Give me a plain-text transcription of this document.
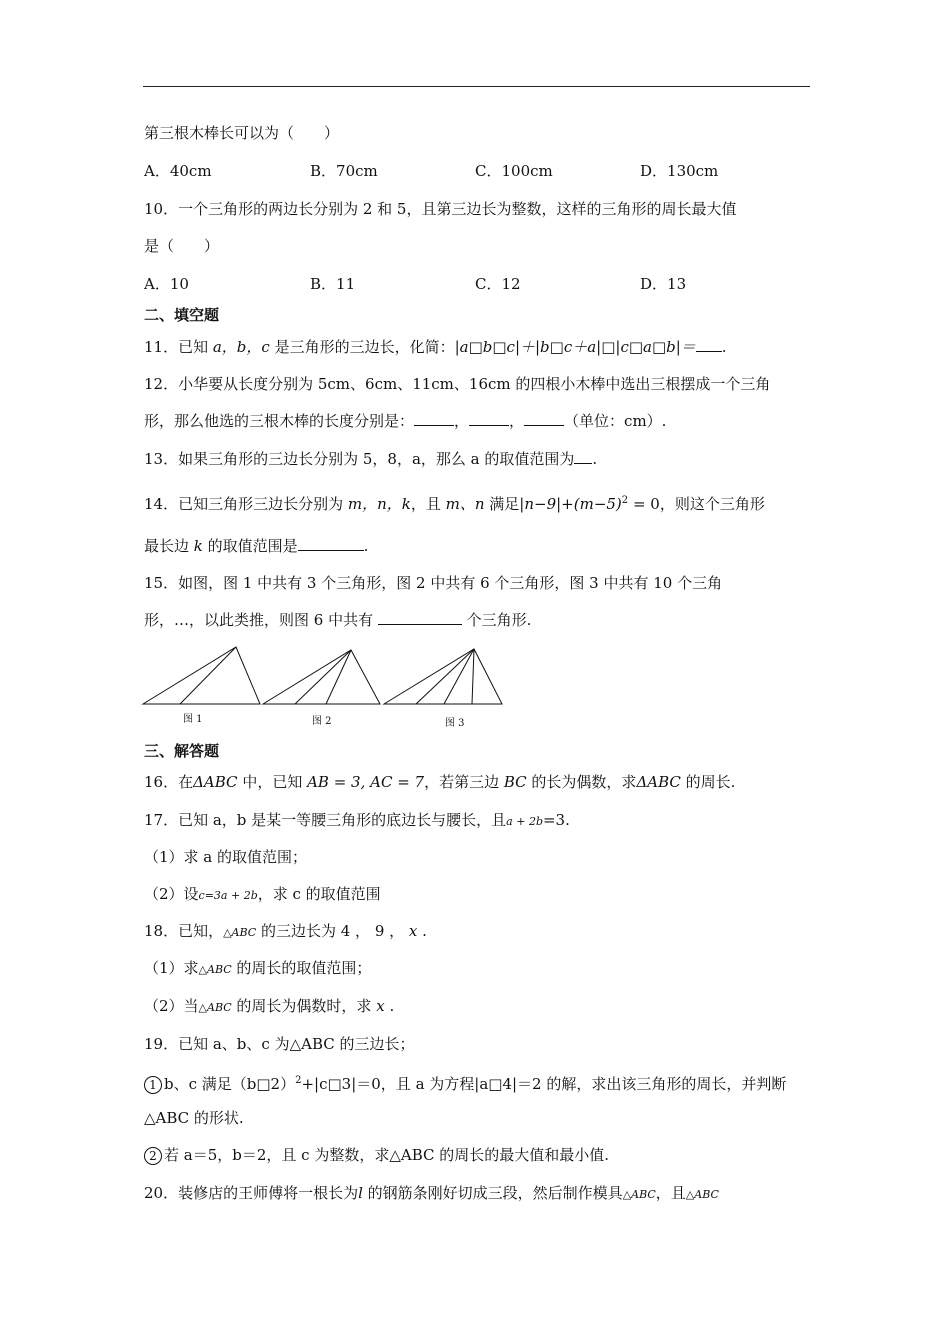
第三根木棒长可以为（　　）
A．40cm	B．70cm	C．100cm	D．130cm
10．一个三角形的两边长分别为 2 和 5，且第三边长为整数，这样的三角形的周长最大值
是（　　）
A．10	B．11	C．12	D．13
二、填空题
11．已知 a，b，c 是三角形的三边长，化简：|a□b□c|＋|b□c＋a|□|c□a□b|＝ .
12．小华要从长度分别为 5cm、6cm、11cm、16cm 的四根小木棒中选出三根摆成一个三角
形，那么他选的三根木棒的长度分别是：	，	，	（单位：cm）.
13．如果三角形的三边长分别为 5，8，a，那么 a 的取值范围为 .
14．已知三角形三边长分别为 m，n，k，且 m、n 满足$|n-9|+(m-5)^2 = 0$，则这个三角形
最长边 k 的取值范围是	.
15．如图，图 1 中共有 3 个三角形，图 2 中共有 6 个三角形，图 3 中共有 10 个三角
形，…，以此类推，则图 6 中共有	个三角形.
图 1	图 2	图 3
三、解答题
16．在ΔABC 中，已知 AB = 3, AC = 7，若第三边 BC 的长为偶数，求ΔABC 的周长.
17．已知 a，b 是某一等腰三角形的底边长与腰长，且a + 2b=3.
（1）求 a 的取值范围；
（2）设c=3a + 2b，求 c 的取值范围
18．已知，△ABC 的三边长为 4 ， 9 ， x .
（1）求△ABC 的周长的取值范围；
（2）当△ABC 的周长为偶数时，求 x .
19．已知 a、b、c 为△ABC 的三边长；
1 b、c 满足（b□2）$^2$+|c□3|＝0，且 a 为方程|a□4|＝2 的解，求出该三角形的周长，并判断
△ABC 的形状.
2 若 a＝5，b＝2，且 c 为整数，求△ABC 的周长的最大值和最小值.
20．装修店的王师傅将一根长为l 的钢筋条刚好切成三段，然后制作模具△ABC，且△ABC
